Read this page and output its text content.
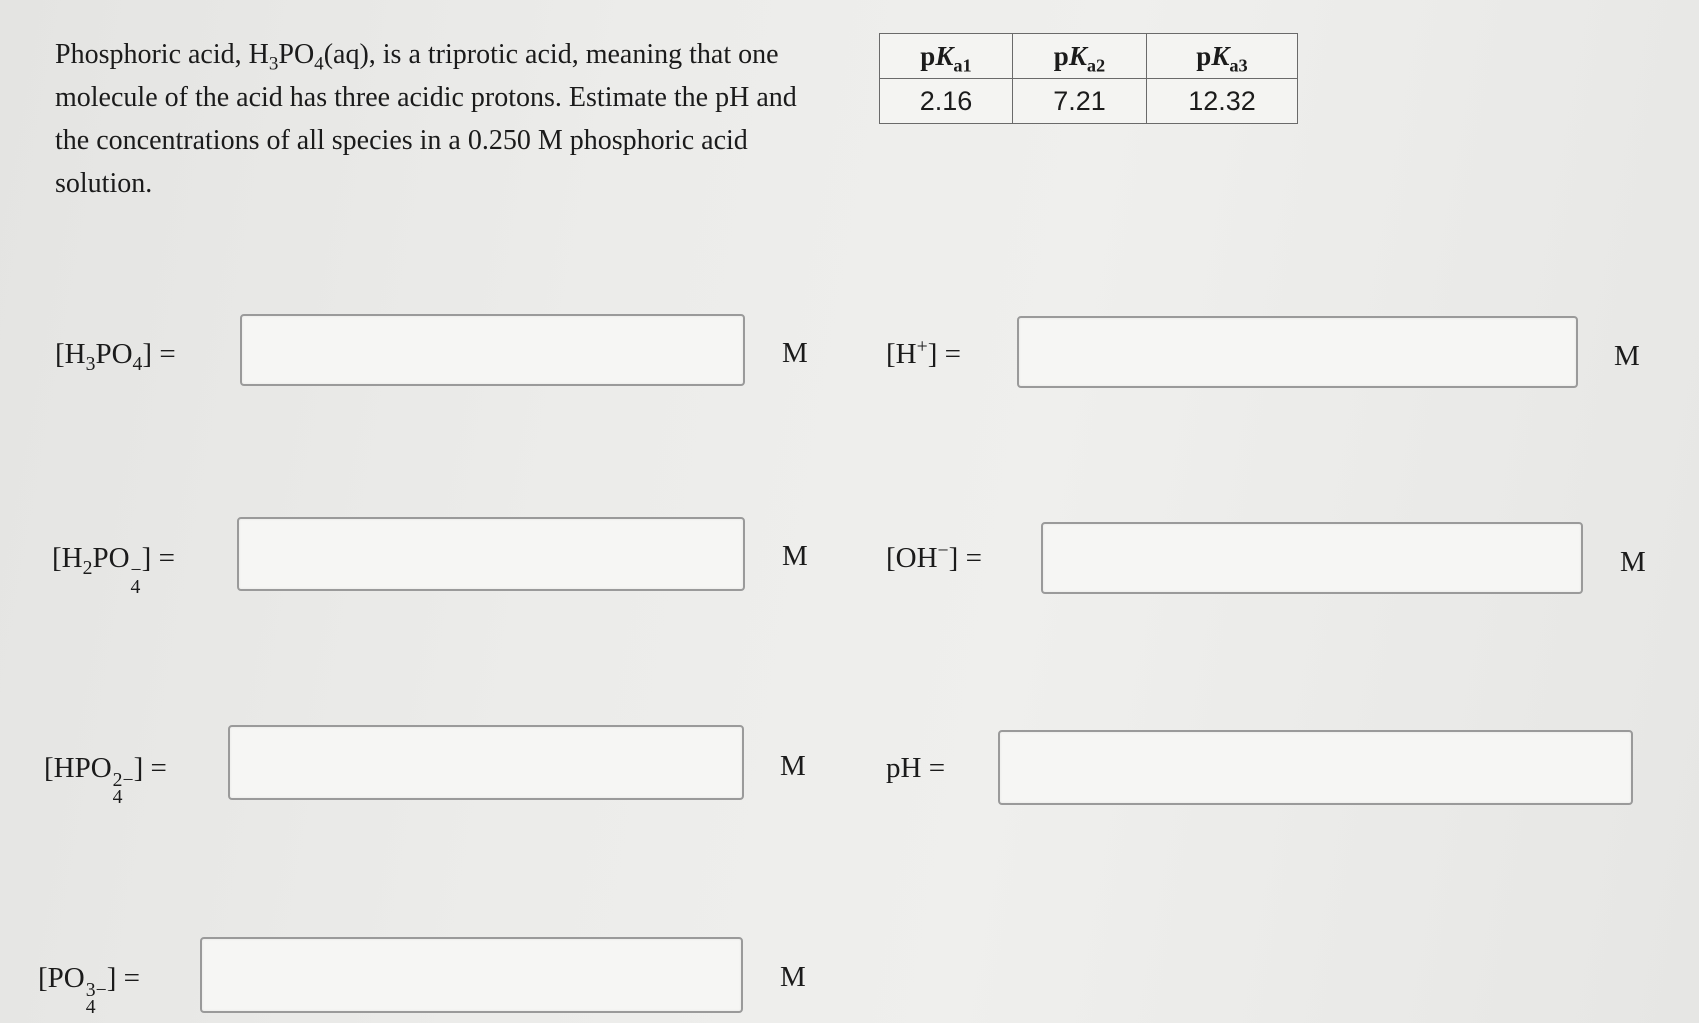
Phosphoric acid, $H_3PO_4(aq)$, is a triprotic acid, meaning that one molecule of the acid has three acidic protons. Estimate the pH and the concentrations of all species in a 0.250 M phosphoric acid solution.
$pK_{a1}$	$pK_{a2}$	$pK_{a3}$
2.16	7.21	12.32
$[H_3PO_4]$ =	M	[H+] =	M
[$H_2PO$ −
4
] =	M	[OH−] =	M
[HPO 2−
4
] =	M	pH =
[PO 3−
4
] =	M
